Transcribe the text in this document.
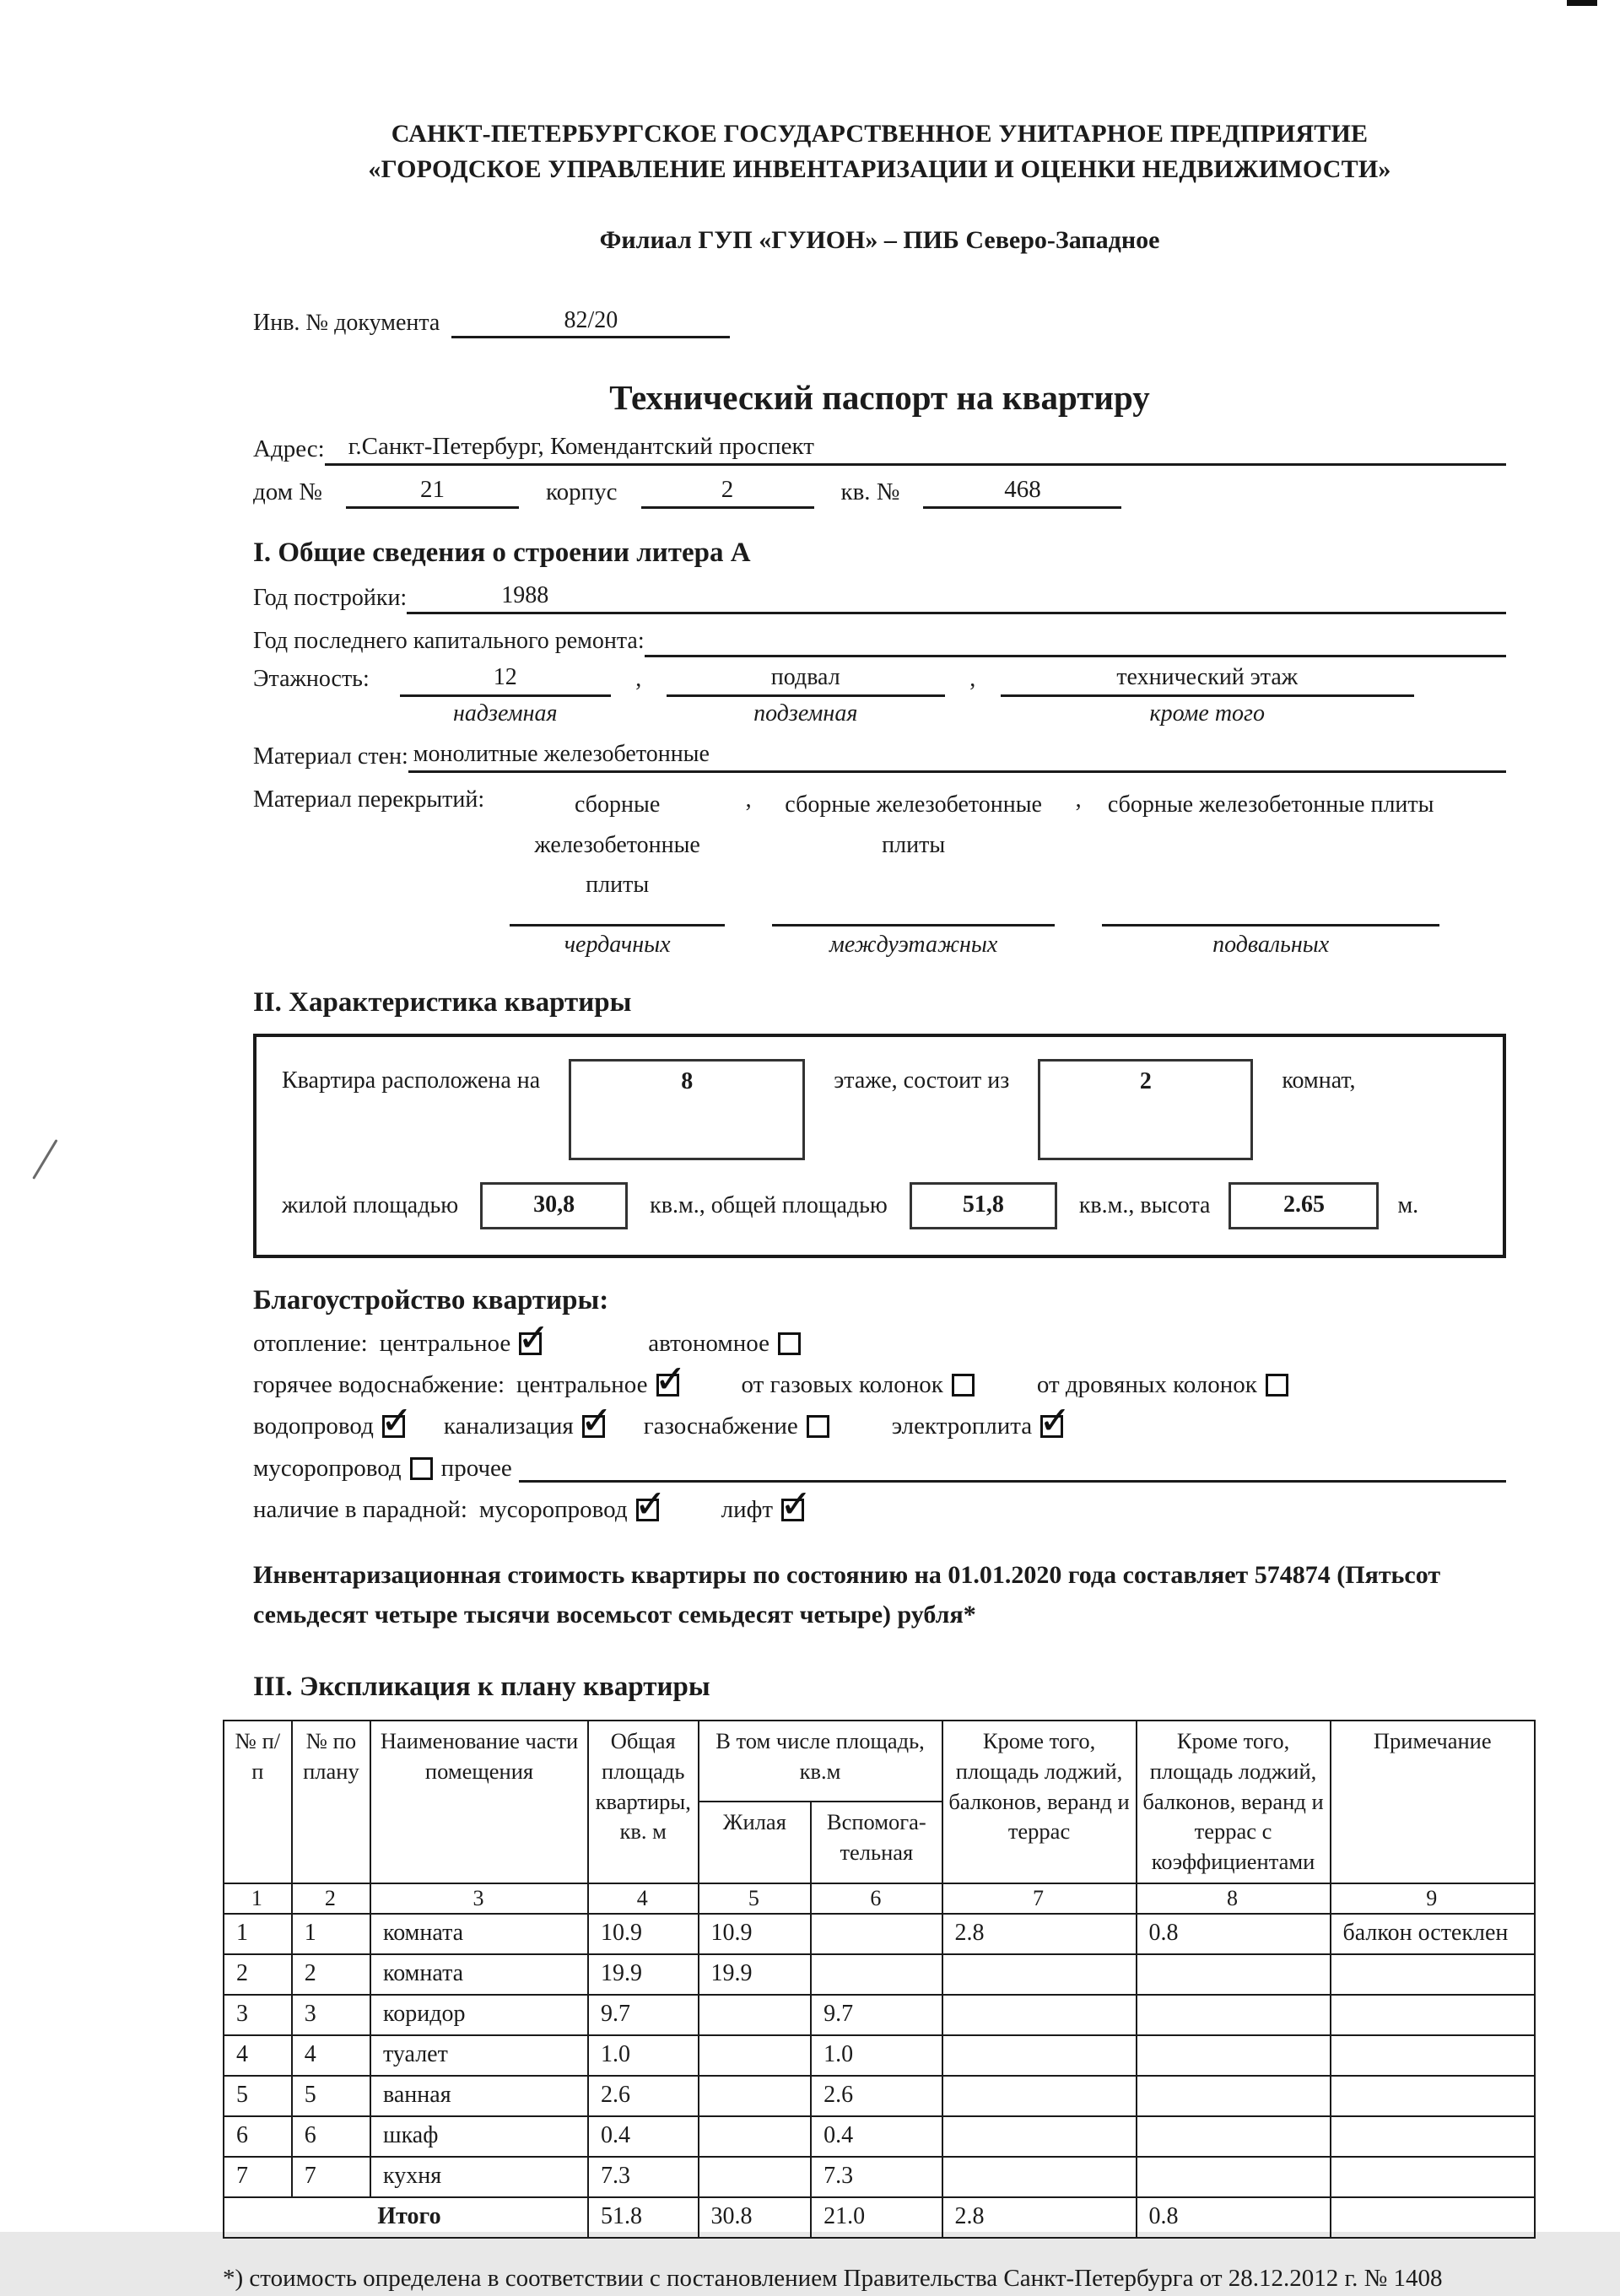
САНКТ-ПЕТЕРБУРГСКОЕ ГОСУДАРСТВЕННОЕ УНИТАРНОЕ ПРЕДПРИЯТИЕ
«ГОРОДСКОЕ УПРАВЛЕНИЕ ИНВЕНТАРИЗАЦИИ И ОЦЕНКИ НЕДВИЖИМОСТИ»
Филиал ГУП «ГУИОН» – ПИБ Северо-Западное
Инв. № документа	82/20
Технический паспорт на квартиру
Адрес: г.Санкт-Петербург, Комендантский проспект
дом №	21	корпус	2	кв. №	468
I. Общие сведения о строении литера А
Год постройки:	1988
Год последнего капитального ремонта:
Этажность:	12
надземная
,	подвал
подземная
,	технический этаж
кроме того
Материал стен: монолитные железобетонные
Материал перекрытий:	сборные железобетонные плиты
чердачных
,	сборные железобетонные плиты
междуэтажных
,	сборные железобетонные плиты
подвальных
II. Характеристика квартиры
Квартира расположена на	8	этаже, состоит из	2	комнат,
жилой площадью	30,8	кв.м., общей площадью	51,8	кв.м., высота	2.65	м.
Благоустройство квартиры:
отопление: центральное ✓	автономное
горячее водоснабжение: центральное ✓	от газовых колонок	от дровяных колонок
водопровод ✓	канализация ✓	газоснабжение	электроплита
✓
мусоропровод прочее
наличие в парадной: мусоропровод ✓	лифт
✓
Инвентаризационная стоимость квартиры по состоянию на 01.01.2020 года составляет 574874 (Пятьсот семьдесят четыре тысячи восемьсот семьдесят четыре) рубля*
III. Экспликация к плану квартиры
№ п/п	№ по плану	Наименование части помещения	Общая площадь квартиры, кв. м	В том числе площадь, кв.м		Кроме того, площадь лоджий, балконов, веранд и террас	Кроме того, площадь лоджий, балконов, веранд и террас с коэффициентами	Примечание
				Жилая	Вспомога- тельная			
1	2	3	4	5	6	7	8	9
1	1	комната	10.9	10.9		2.8	0.8	балкон остеклен
2	2	комната	19.9	19.9				
3	3	коридор	9.7		9.7			
4	4	туалет	1.0		1.0			
5	5	ванная	2.6		2.6			
6	6	шкаф	0.4		0.4			
7	7	кухня	7.3		7.3			
Итого			51.8	30.8	21.0	2.8	0.8	
*) стоимость определена в соответствии с постановлением Правительства Санкт-Петербурга от 28.12.2012 г. № 1408
